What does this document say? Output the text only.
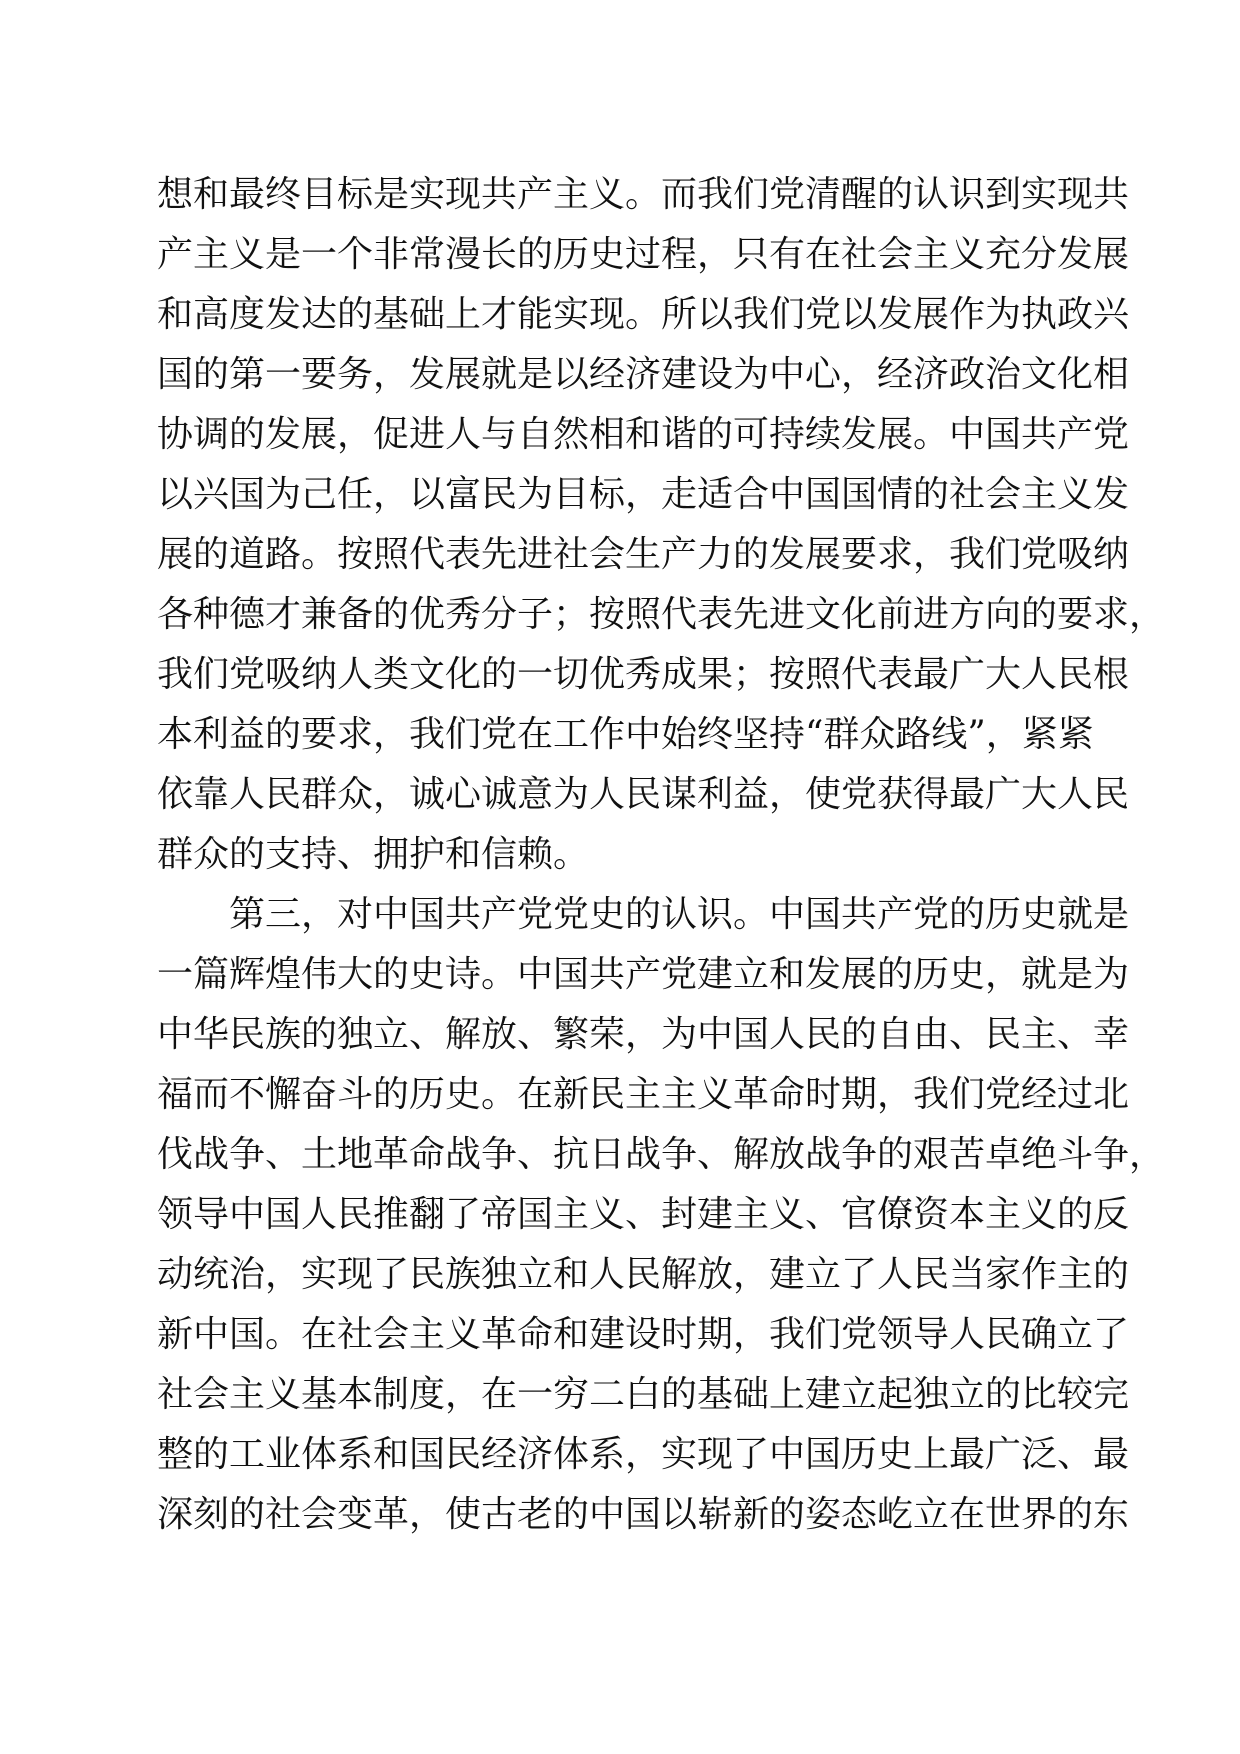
想和最终目标是实现共产主义。而我们党清醒的认识到实现共
产主义是一个非常漫长的历史过程，只有在社会主义充分发展
和高度发达的基础上才能实现。所以我们党以发展作为执政兴
国的第一要务，发展就是以经济建设为中心，经济政治文化相
协调的发展，促进人与自然相和谐的可持续发展。中国共产党
以兴国为己任，以富民为目标，走适合中国国情的社会主义发
展的道路。按照代表先进社会生产力的发展要求，我们党吸纳
各种德才兼备的优秀分子；按照代表先进文化前进方向的要求，
我们党吸纳人类文化的一切优秀成果；按照代表最广大人民根
本利益的要求，我们党在工作中始终坚持“群众路线”，紧紧
依靠人民群众，诚心诚意为人民谋利益，使党获得最广大人民
群众的支持、拥护和信赖。
第三，对中国共产党党史的认识。中国共产党的历史就是
一篇辉煌伟大的史诗。中国共产党建立和发展的历史，就是为
中华民族的独立、解放、繁荣，为中国人民的自由、民主、幸
福而不懈奋斗的历史。在新民主主义革命时期，我们党经过北
伐战争、土地革命战争、抗日战争、解放战争的艰苦卓绝斗争，
领导中国人民推翻了帝国主义、封建主义、官僚资本主义的反
动统治，实现了民族独立和人民解放，建立了人民当家作主的
新中国。在社会主义革命和建设时期，我们党领导人民确立了
社会主义基本制度，在一穷二白的基础上建立起独立的比较完
整的工业体系和国民经济体系，实现了中国历史上最广泛、最
深刻的社会变革，使古老的中国以崭新的姿态屹立在世界的东
